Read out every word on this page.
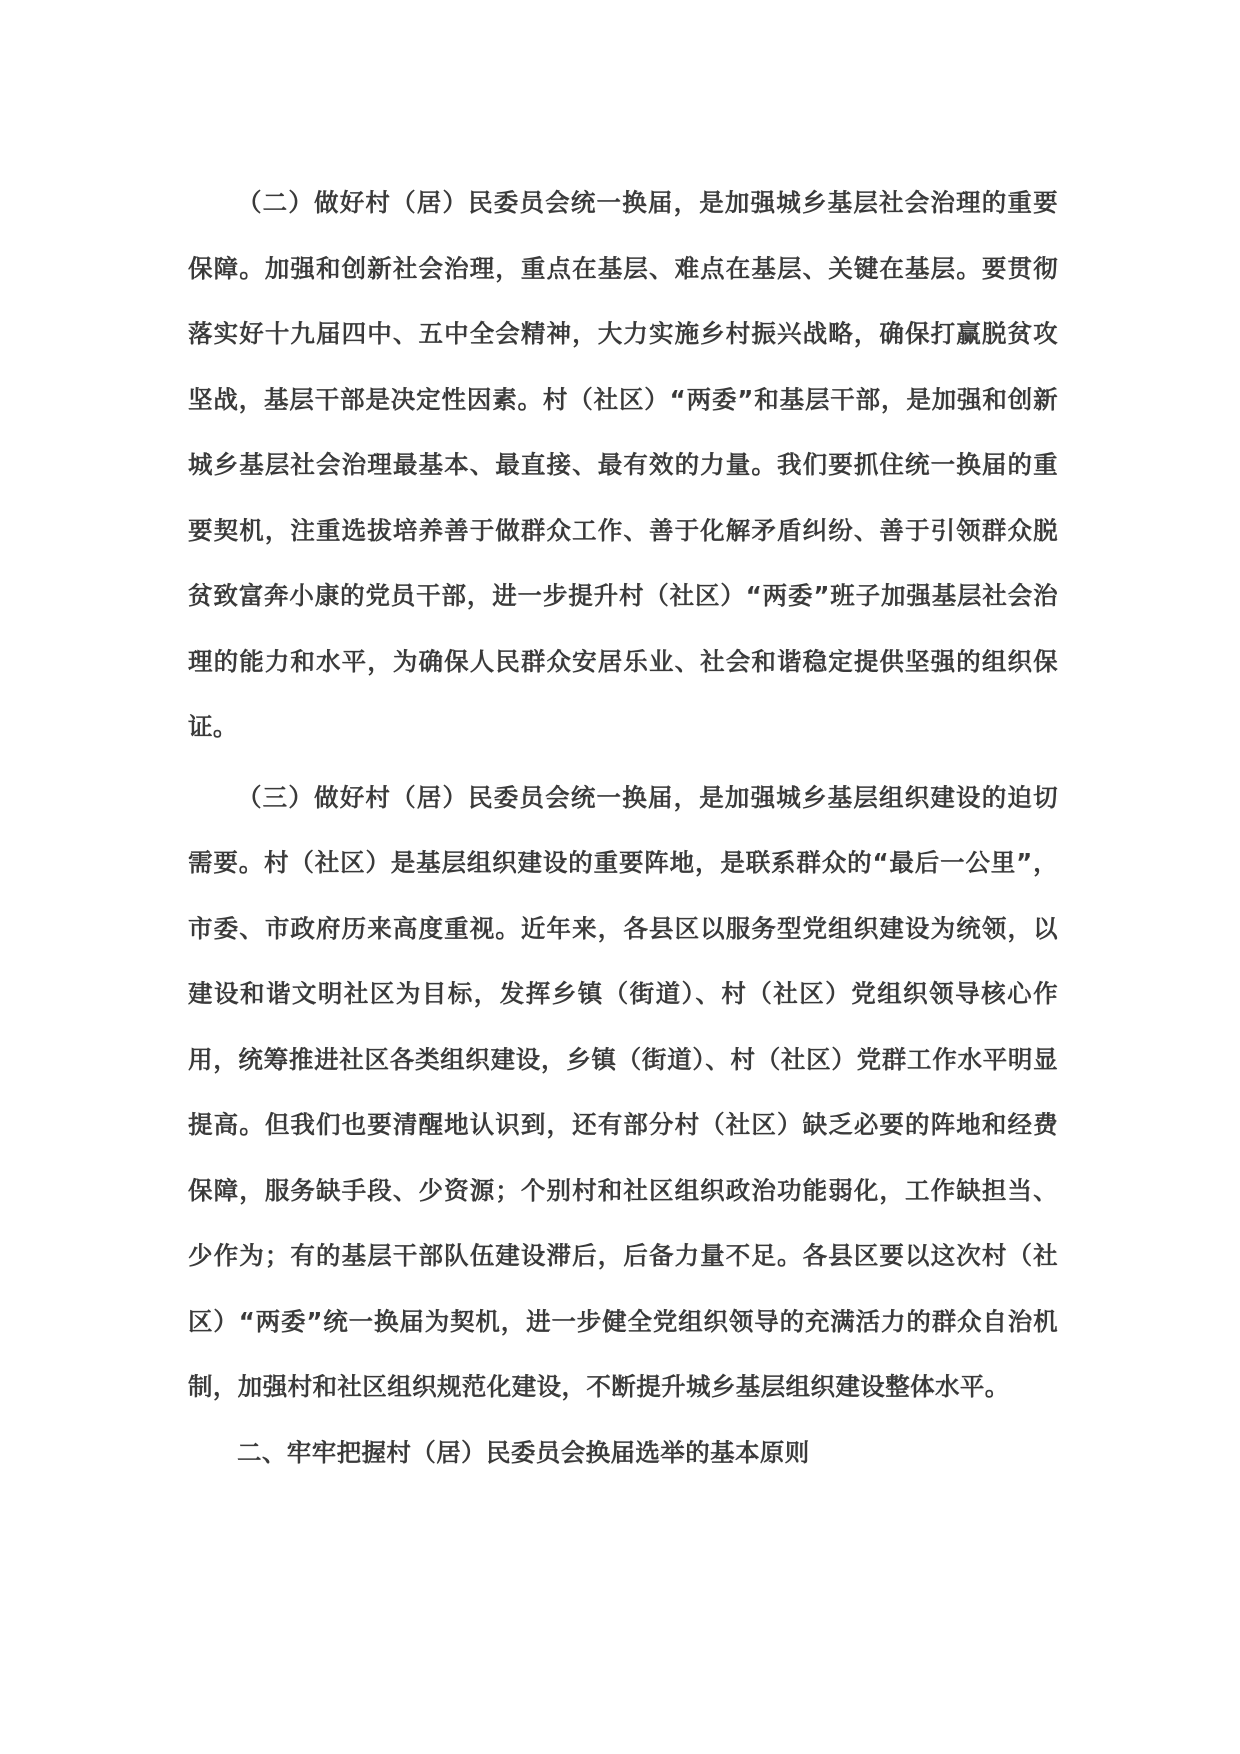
（二）做好村（居）民委员会统一换届，是加强城乡基层社会治理的重要保障。加强和创新社会治理，重点在基层、难点在基层、关键在基层。要贯彻落实好十九届四中、五中全会精神，大力实施乡村振兴战略，确保打赢脱贫攻坚战，基层干部是决定性因素。村（社区）“两委”和基层干部，是加强和创新城乡基层社会治理最基本、最直接、最有效的力量。我们要抓住统一换届的重要契机，注重选拔培养善于做群众工作、善于化解矛盾纠纷、善于引领群众脱贫致富奔小康的党员干部，进一步提升村（社区）“两委”班子加强基层社会治理的能力和水平，为确保人民群众安居乐业、社会和谐稳定提供坚强的组织保证。

（三）做好村（居）民委员会统一换届，是加强城乡基层组织建设的迫切需要。村（社区）是基层组织建设的重要阵地，是联系群众的“最后一公里”，市委、市政府历来高度重视。近年来，各县区以服务型党组织建设为统领，以建设和谐文明社区为目标，发挥乡镇（街道）、村（社区）党组织领导核心作用，统筹推进社区各类组织建设，乡镇（街道）、村（社区）党群工作水平明显提高。但我们也要清醒地认识到，还有部分村（社区）缺乏必要的阵地和经费保障，服务缺手段、少资源；个别村和社区组织政治功能弱化，工作缺担当、少作为；有的基层干部队伍建设滞后，后备力量不足。各县区要以这次村（社区）“两委”统一换届为契机，进一步健全党组织领导的充满活力的群众自治机制，加强村和社区组织规范化建设，不断提升城乡基层组织建设整体水平。

二、牢牢把握村（居）民委员会换届选举的基本原则
